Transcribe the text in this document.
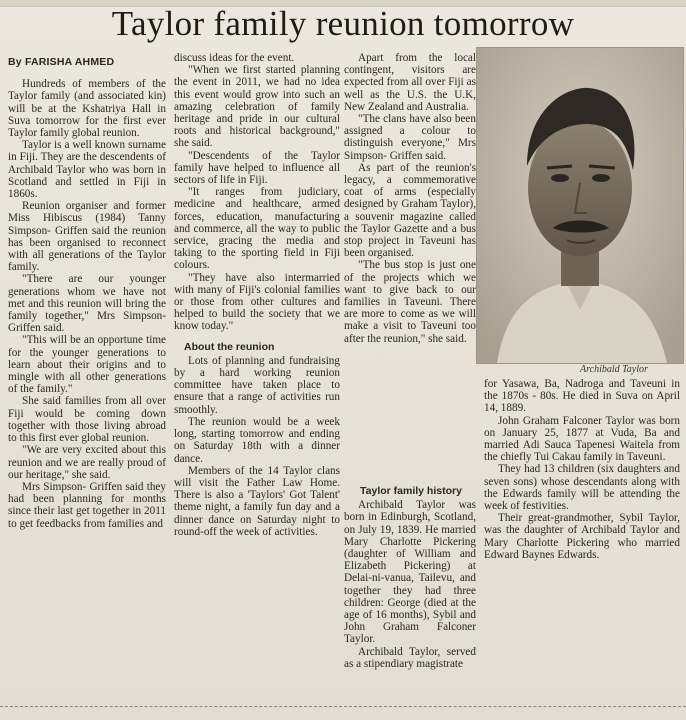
Taylor family reunion tomorrow
By FARISHA AHMED

Hundreds of members of the Taylor family (and associated kin) will be at the Kshatriya Hall in Suva tomorrow for the first ever Taylor family global reunion.

Taylor is a well known surname in Fiji. They are the descendents of Archibald Taylor who was born in Scotland and settled in Fiji in 1860s.

Reunion organiser and former Miss Hibiscus (1984) Tanny Simpson- Griffen said the reunion has been organised to reconnect with all generations of the Taylor family.

"There are our younger generations whom we have not met and this reunion will bring the family together," Mrs Simpson- Griffen said.

"This will be an opportune time for the younger generations to learn about their origins and to mingle with all other generations of the family."

She said families from all over Fiji would be coming down together with those living abroad to this first ever global reunion.

"We are very excited about this reunion and we are really proud of our heritage," she said.

Mrs Simpson- Griffen said they had been planning for months since their last get together in 2011 to get feedbacks from families and

discuss ideas for the event.

"When we first started planning the event in 2011, we had no idea this event would grow into such an amazing celebration of family heritage and pride in our cultural roots and historical background," she said.

"Descendents of the Taylor family have helped to influence all sectors of life in Fiji.

"It ranges from judiciary, medicine and healthcare, armed forces, education, manufacturing and commerce, all the way to public service, gracing the media and taking to the sporting field in Fiji colours.

"They have also intermarried with many of Fiji's colonial families or those from other cultures and helped to build the society that we know today."

About the reunion

Lots of planning and fundraising by a hard working reunion committee have taken place to ensure that a range of activities run smoothly.

The reunion would be a week long, starting tomorrow and ending on Saturday 18th with a dinner dance.

Members of the 14 Taylor clans will visit the Father Law Home. There is also a 'Taylors' Got Talent' theme night, a family fun day and a dinner dance on Saturday night to round-off the week of activities.

Apart from the local contingent, visitors are expected from all over Fiji as well as the U.S. the U.K, New Zealand and Australia.

"The clans have also been assigned a colour to distinguish everyone," Mrs Simpson- Griffen said.

As part of the reunion's legacy, a commemorative coat of arms (especially designed by Graham Taylor), a souvenir magazine called the Taylor Gazette and a bus stop project in Taveuni has been organised.

"The bus stop is just one of the projects which we want to give back to our families in Taveuni. There are more to come as we will make a visit to Taveuni too after the reunion," she said.

Taylor family history

Archibald Taylor was born in Edinburgh, Scotland, on July 19, 1839. He married Mary Charlotte Pickering (daughter of William and Elizabeth Pickering) at Delai-ni-vanua, Tailevu, and together they had three children: George (died at the age of 16 months), Sybil and John Graham Falconer Taylor.

Archibald Taylor, served as a stipendiary magistrate

Archibald Taylor

for Yasawa, Ba, Nadroga and Taveuni in the 1870s - 80s. He died in Suva on April 14, 1889.

John Graham Falconer Taylor was born on January 25, 1877 at Vuda, Ba and married Adi Sauca Tapenesi Waitela from the chiefly Tui Cakau family in Taveuni.

They had 13 children (six daughters and seven sons) whose descendants along with the Edwards family will be attending the week of festivities.

Their great-grandmother, Sybil Taylor, was the daughter of Archibald Taylor and Mary Charlotte Pickering who married Edward Baynes Edwards.
